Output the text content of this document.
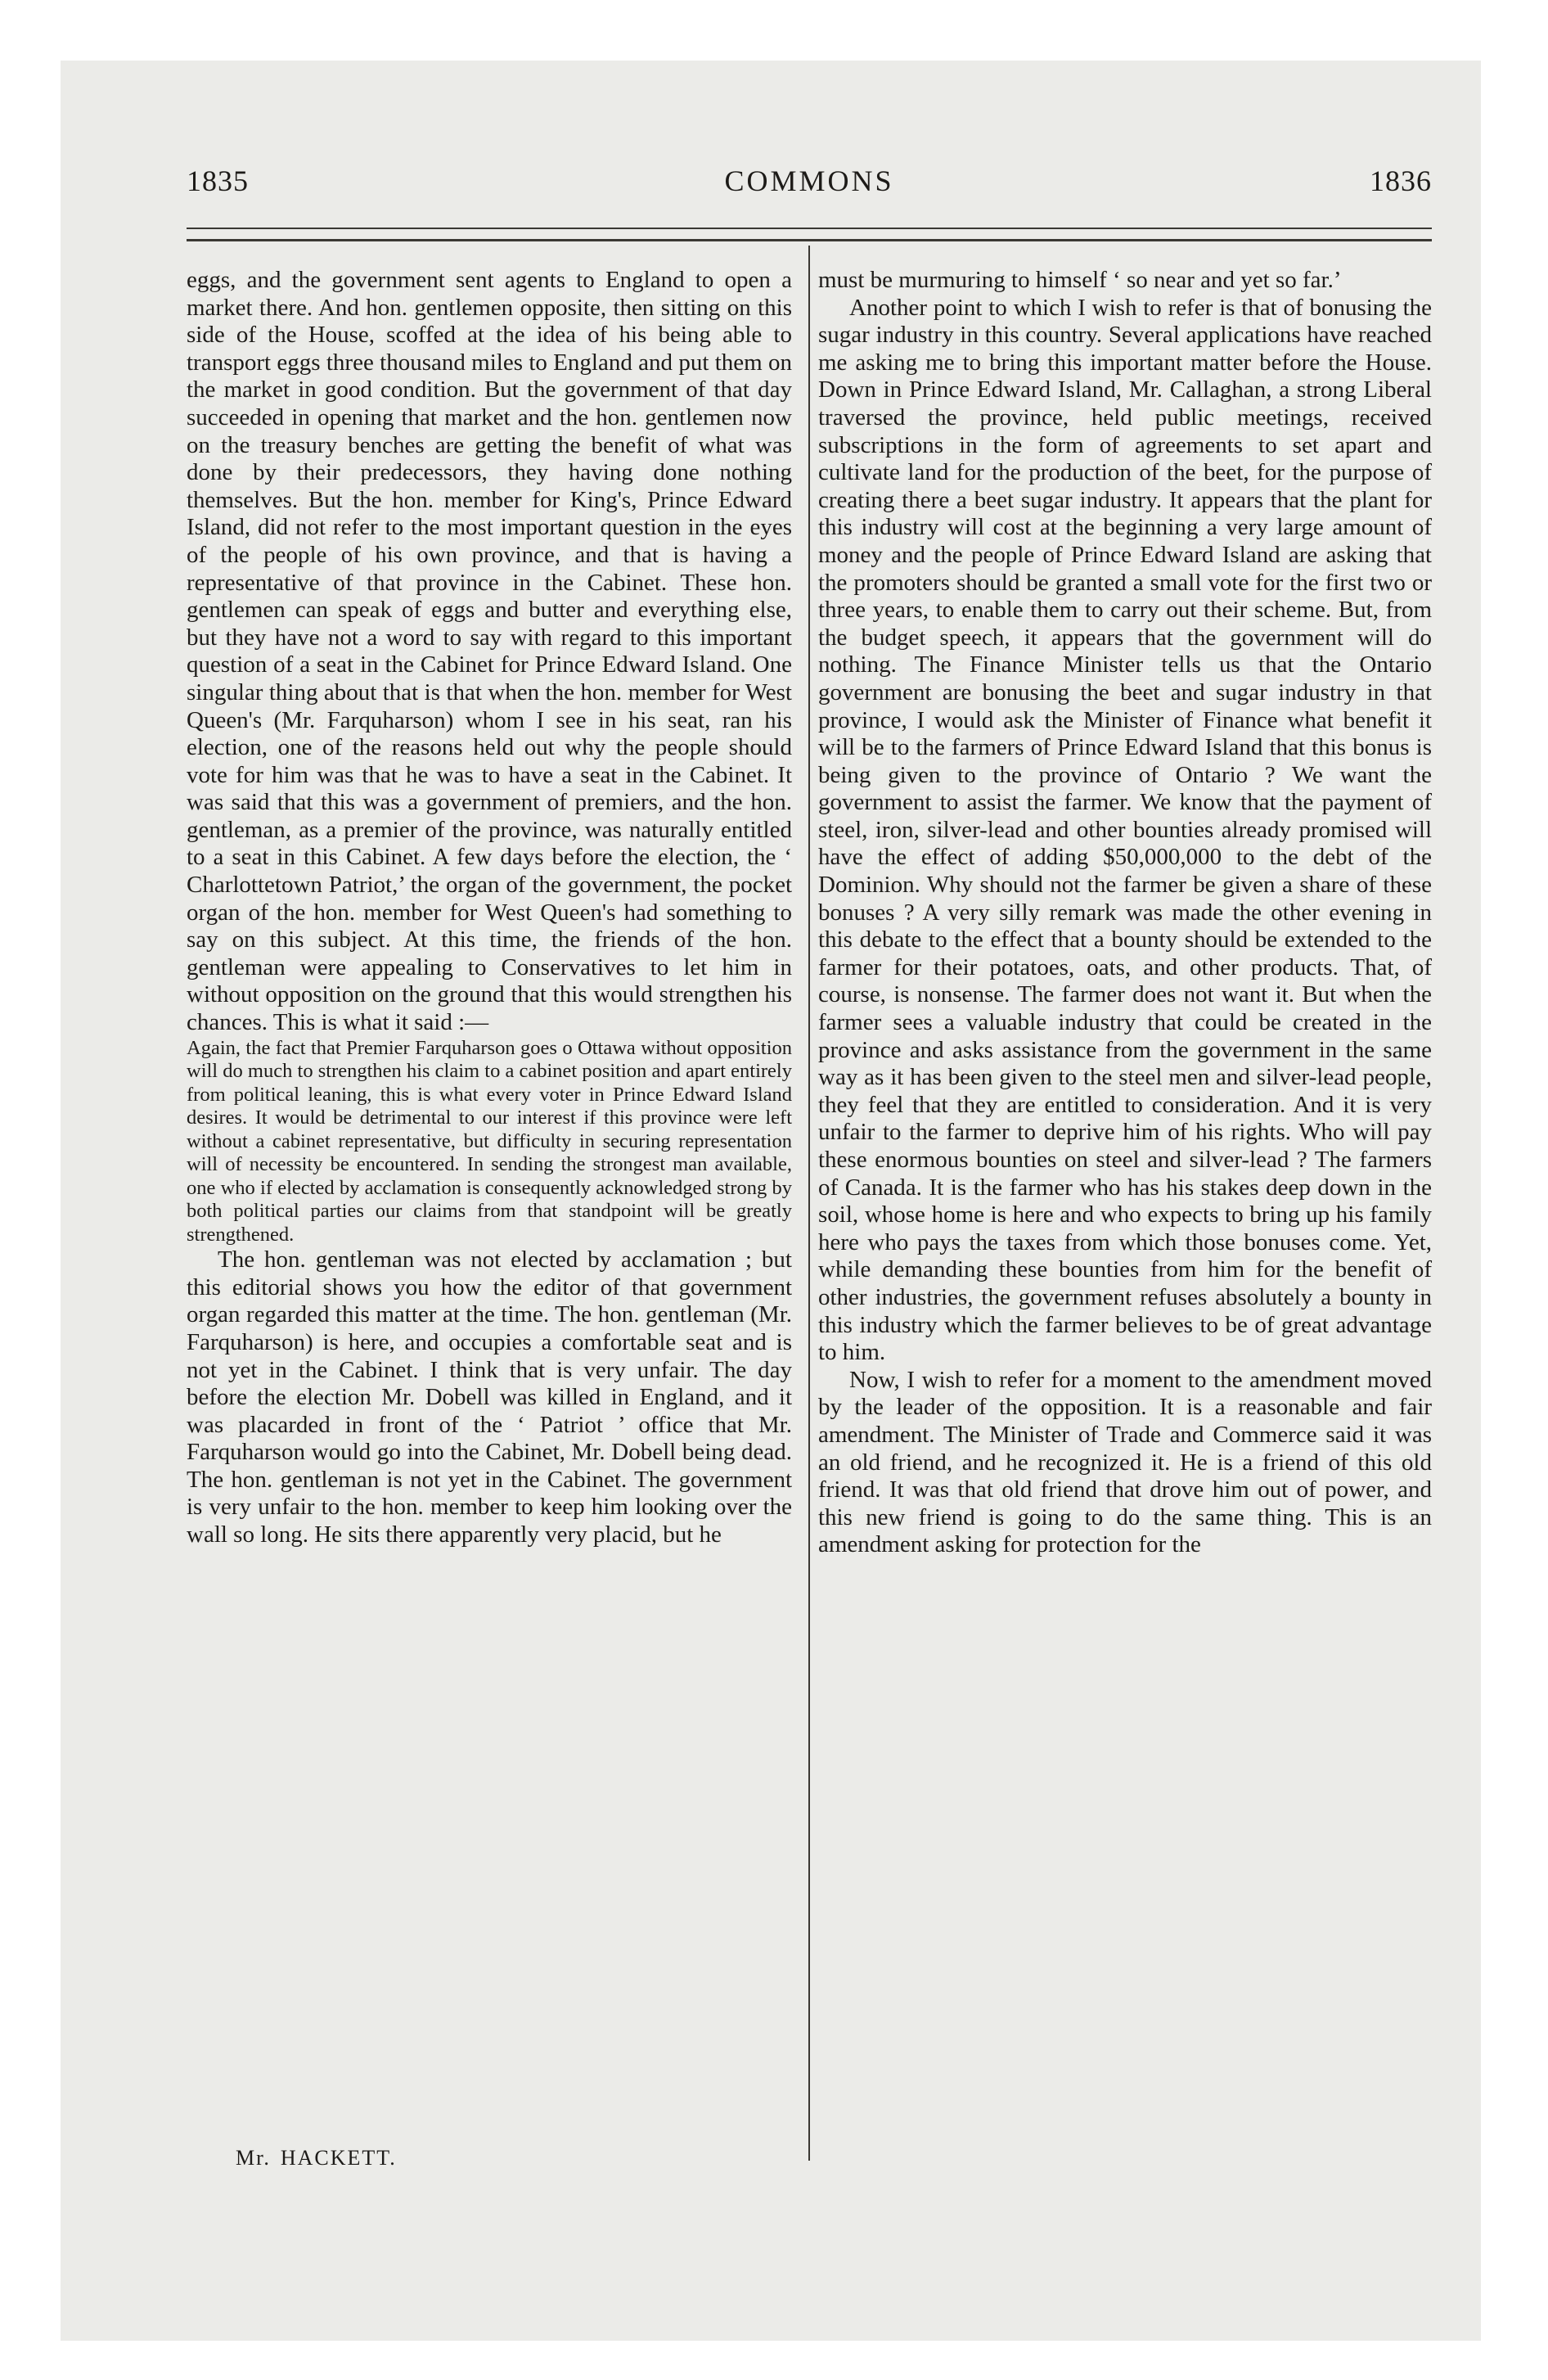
1835	COMMONS	1836

eggs, and the government sent agents to England to open a market there. And hon. gentlemen opposite, then sitting on this side of the House, scoffed at the idea of his being able to transport eggs three thousand miles to England and put them on the market in good condition. But the government of that day succeeded in opening that market and the hon. gentlemen now on the treasury benches are getting the benefit of what was done by their predecessors, they having done nothing themselves. But the hon. member for King's, Prince Edward Island, did not refer to the most important question in the eyes of the people of his own province, and that is having a representative of that province in the Cabinet. These hon. gentlemen can speak of eggs and butter and everything else, but they have not a word to say with regard to this important question of a seat in the Cabinet for Prince Edward Island. One singular thing about that is that when the hon. member for West Queen's (Mr. Farquharson) whom I see in his seat, ran his election, one of the reasons held out why the people should vote for him was that he was to have a seat in the Cabinet. It was said that this was a government of premiers, and the hon. gentleman, as a premier of the province, was naturally entitled to a seat in this Cabinet. A few days before the election, the ‘ Charlottetown Patriot,’ the organ of the government, the pocket organ of the hon. member for West Queen's had something to say on this subject. At this time, the friends of the hon. gentleman were appealing to Conservatives to let him in without opposition on the ground that this would strengthen his chances. This is what it said :—

Again, the fact that Premier Farquharson goes o Ottawa without opposition will do much to strengthen his claim to a cabinet position and apart entirely from political leaning, this is what every voter in Prince Edward Island desires. It would be detrimental to our interest if this province were left without a cabinet representative, but difficulty in securing representation will of necessity be encountered. In sending the strongest man available, one who if elected by acclamation is consequently acknowledged strong by both political parties our claims from that standpoint will be greatly strengthened.

The hon. gentleman was not elected by acclamation ; but this editorial shows you how the editor of that government organ regarded this matter at the time. The hon. gentleman (Mr. Farquharson) is here, and occupies a comfortable seat and is not yet in the Cabinet. I think that is very unfair. The day before the election Mr. Dobell was killed in England, and it was placarded in front of the ‘ Patriot ’ office that Mr. Farquharson would go into the Cabinet, Mr. Dobell being dead. The hon. gentleman is not yet in the Cabinet. The government is very unfair to the hon. member to keep him looking over the wall so long. He sits there apparently very placid, but he

must be murmuring to himself ‘ so near and yet so far.’

Another point to which I wish to refer is that of bonusing the sugar industry in this country. Several applications have reached me asking me to bring this important matter before the House. Down in Prince Edward Island, Mr. Callaghan, a strong Liberal traversed the province, held public meetings, received subscriptions in the form of agreements to set apart and cultivate land for the production of the beet, for the purpose of creating there a beet sugar industry. It appears that the plant for this industry will cost at the beginning a very large amount of money and the people of Prince Edward Island are asking that the promoters should be granted a small vote for the first two or three years, to enable them to carry out their scheme. But, from the budget speech, it appears that the government will do nothing. The Finance Minister tells us that the Ontario government are bonusing the beet and sugar industry in that province, I would ask the Minister of Finance what benefit it will be to the farmers of Prince Edward Island that this bonus is being given to the province of Ontario ? We want the government to assist the farmer. We know that the payment of steel, iron, silver-lead and other bounties already promised will have the effect of adding $50,000,000 to the debt of the Dominion. Why should not the farmer be given a share of these bonuses ? A very silly remark was made the other evening in this debate to the effect that a bounty should be extended to the farmer for their potatoes, oats, and other products. That, of course, is nonsense. The farmer does not want it. But when the farmer sees a valuable industry that could be created in the province and asks assistance from the government in the same way as it has been given to the steel men and silver-lead people, they feel that they are entitled to consideration. And it is very unfair to the farmer to deprive him of his rights. Who will pay these enormous bounties on steel and silver-lead ? The farmers of Canada. It is the farmer who has his stakes deep down in the soil, whose home is here and who expects to bring up his family here who pays the taxes from which those bonuses come. Yet, while demanding these bounties from him for the benefit of other industries, the government refuses absolutely a bounty in this industry which the farmer believes to be of great advantage to him.

Now, I wish to refer for a moment to the amendment moved by the leader of the opposition. It is a reasonable and fair amendment. The Minister of Trade and Commerce said it was an old friend, and he recognized it. He is a friend of this old friend. It was that old friend that drove him out of power, and this new friend is going to do the same thing. This is an amendment asking for protection for the

Mr. HACKETT.
